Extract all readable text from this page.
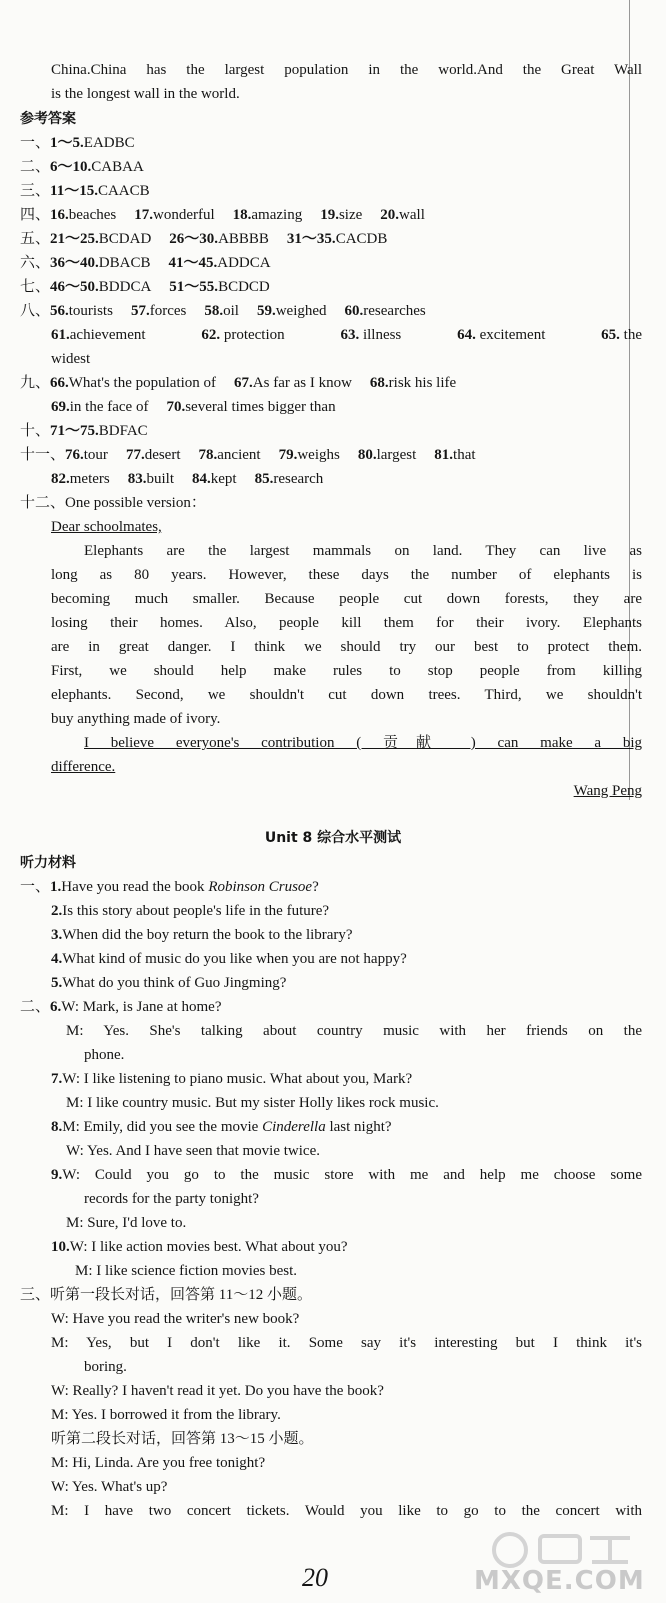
China.China has the largest population in the world.And the Great Wall
is the longest wall in the world.
参考答案
一、1～5.EADBC
二、6～10.CABAA
三、11～15.CAACB
四、16.beaches 17.wonderful 18.amazing 19.size 20.wall
五、21～25.BCDAD 26～30.ABBBB 31～35.CACDB
六、36～40.DBACB 41～45.ADDCA
七、46～50.BDDCA 51～55.BCDCD
八、56.tourists 57.forces 58.oil 59.weighed 60.researches
61.achievement	62. protection	63. illness	64. excitement	65. the
widest
九、66.What's the population of 67.As far as I know 68.risk his life
69.in the face of 70.several times bigger than
十、71～75.BDFAC
十一、76.tour 77.desert 78.ancient 79.weighs 80.largest 81.that
82.meters 83.built 84.kept 85.research
十二、One possible version：
Dear schoolmates,
Elephants are the largest mammals on land. They can live as
long as 80 years. However, these days the number of elephants is
becoming much smaller. Because people cut down forests, they are
losing their homes. Also, people kill them for their ivory. Elephants
are in great danger. I think we should try our best to protect them.
First, we should help make rules to stop people from killing
elephants. Second, we shouldn't cut down trees. Third, we shouldn't
buy anything made of ivory.
I believe everyone's contribution ( 贡献 ) can make a big
difference.
Wang Peng
Unit 8 综合水平测试
听力材料
一、1.Have you read the book Robinson Crusoe?
2.Is this story about people's life in the future?
3.When did the boy return the book to the library?
4.What kind of music do you like when you are not happy?
5.What do you think of Guo Jingming?
二、6.W: Mark, is Jane at home?
M: Yes. She's talking about country music with her friends on the
phone.
7.W: I like listening to piano music. What about you, Mark?
M: I like country music. But my sister Holly likes rock music.
8.M: Emily, did you see the movie Cinderella last night?
W: Yes. And I have seen that movie twice.
9.W: Could you go to the music store with me and help me choose some
records for the party tonight?
M: Sure, I'd love to.
10.W: I like action movies best. What about you?
M: I like science fiction movies best.
三、听第一段长对话，回答第 11～12 小题。
W: Have you read the writer's new book?
M: Yes, but I don't like it. Some say it's interesting but I think it's
boring.
W: Really? I haven't read it yet. Do you have the book?
M: Yes. I borrowed it from the library.
听第二段长对话，回答第 13～15 小题。
M: Hi, Linda. Are you free tonight?
W: Yes. What's up?
M: I have two concert tickets. Would you like to go to the concert with
20	MXQE.COM
